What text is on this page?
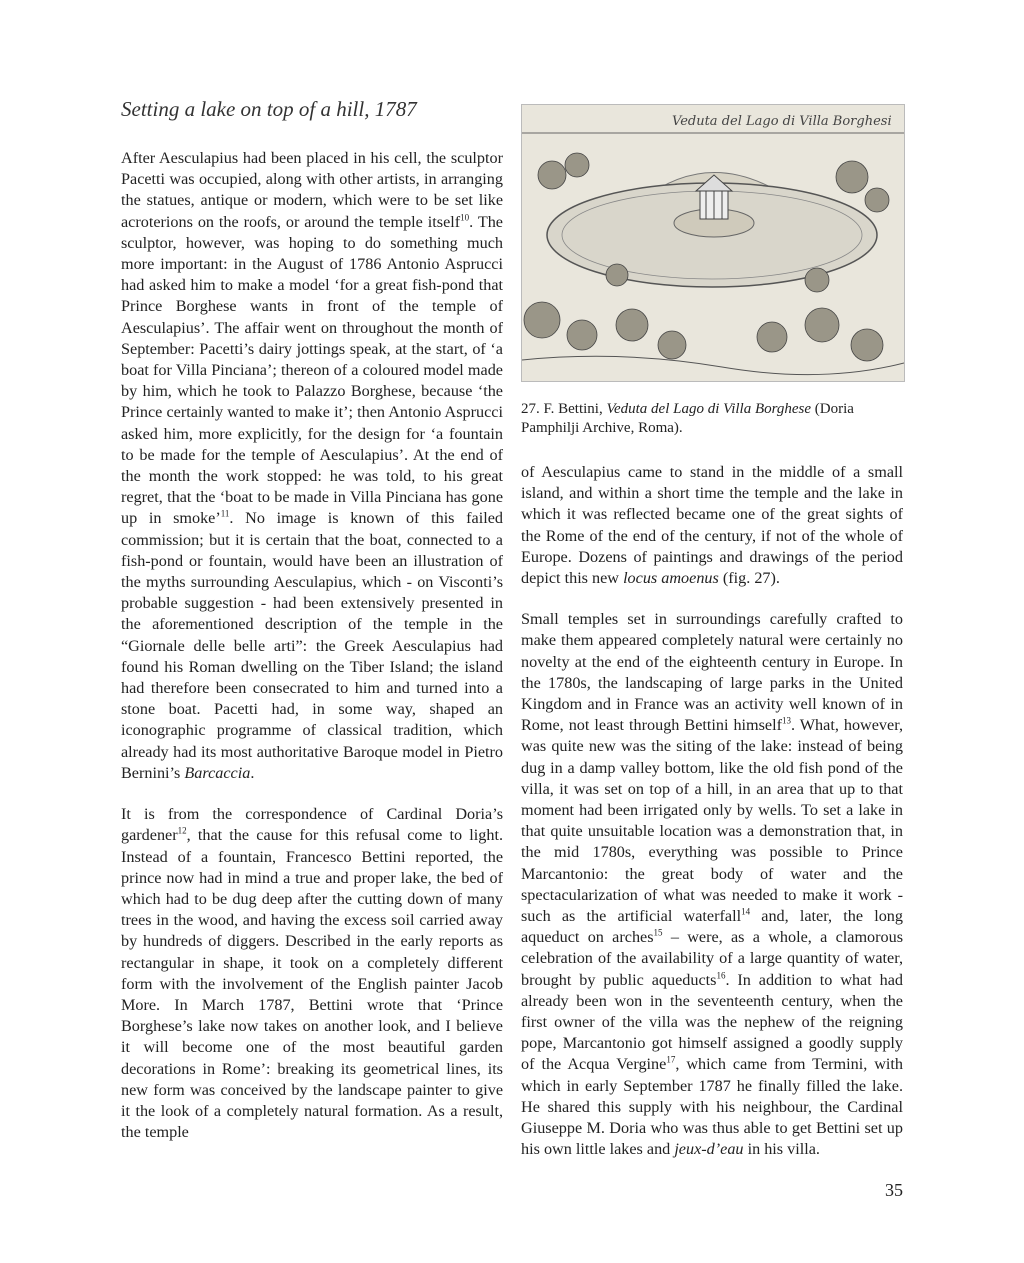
Setting a lake on top of a hill, 1787

After Aesculapius had been placed in his cell, the sculptor Pacetti was occupied, along with other artists, in arranging the statues, antique or modern, which were to be set like acroterions on the roofs, or around the temple itself$^{10}$. The sculptor, however, was hoping to do something much more important: in the August of 1786 Antonio Asprucci had asked him to make a model ‘for a great fish-pond that Prince Borghese wants in front of the temple of Aesculapius’. The affair went on throughout the month of September: Pacetti’s dairy jottings speak, at the start, of ‘a boat for Villa Pinciana’; thereon of a coloured model made by him, which he took to Palazzo Borghese, because ‘the Prince certainly wanted to make it’; then Antonio Asprucci asked him, more explicitly, for the design for ‘a fountain to be made for the temple of Aesculapius’. At the end of the month the work stopped: he was told, to his great regret, that the ‘boat to be made in Villa Pinciana has gone up in smoke’$^{11}$. No image is known of this failed commission; but it is certain that the boat, connected to a fish-pond or fountain, would have been an illustration of the myths surrounding Aesculapius, which - on Visconti’s probable suggestion - had been extensively presented in the aforementioned description of the temple in the “Giornale delle belle arti”: the Greek Aesculapius had found his Roman dwelling on the Tiber Island; the island had therefore been consecrated to him and turned into a stone boat. Pacetti had, in some way, shaped an iconographic programme of classical tradition, which already had its most authoritative Baroque model in Pietro Bernini’s Barcaccia.

It is from the correspondence of Cardinal Doria’s gardener$^{12}$, that the cause for this refusal come to light. Instead of a fountain, Francesco Bettini reported, the prince now had in mind a true and proper lake, the bed of which had to be dug deep after the cutting down of many trees in the wood, and having the excess soil carried away by hundreds of diggers. Described in the early reports as rectangular in shape, it took on a completely different form with the involvement of the English painter Jacob More. In March 1787, Bettini wrote that ‘Prince Borghese’s lake now takes on another look, and I believe it will become one of the most beautiful garden decorations in Rome’: breaking its geometrical lines, its new form was conceived by the landscape painter to give it the look of a completely natural formation. As a result, the temple

Veduta del Lago di Villa Borghesi

27. F. Bettini, Veduta del Lago di Villa Borghese (Doria Pamphilji Archive, Roma).

of Aesculapius came to stand in the middle of a small island, and within a short time the temple and the lake in which it was reflected became one of the great sights of the Rome of the end of the century, if not of the whole of Europe. Dozens of paintings and drawings of the period depict this new locus amoenus (fig. 27).

Small temples set in surroundings carefully crafted to make them appeared completely natural were certainly no novelty at the end of the eighteenth century in Europe. In the 1780s, the landscaping of large parks in the United Kingdom and in France was an activity well known of in Rome, not least through Bettini himself$^{13}$. What, however, was quite new was the siting of the lake: instead of being dug in a damp valley bottom, like the old fish pond of the villa, it was set on top of a hill, in an area that up to that moment had been irrigated only by wells. To set a lake in that quite unsuitable location was a demonstration that, in the mid 1780s, everything was possible to Prince Marcantonio: the great body of water and the spectacularization of what was needed to make it work - such as the artificial waterfall$^{14}$ and, later, the long aqueduct on arches$^{15}$ – were, as a whole, a clamorous celebration of the availability of a large quantity of water, brought by public aqueducts$^{16}$. In addition to what had already been won in the seventeenth century, when the first owner of the villa was the nephew of the reigning pope, Marcantonio got himself assigned a goodly supply of the Acqua Vergine$^{17}$, which came from Termini, with which in early September 1787 he finally filled the lake. He shared this supply with his neighbour, the Cardinal Giuseppe M. Doria who was thus able to get Bettini set up his own little lakes and jeux-d’eau in his villa.

35
